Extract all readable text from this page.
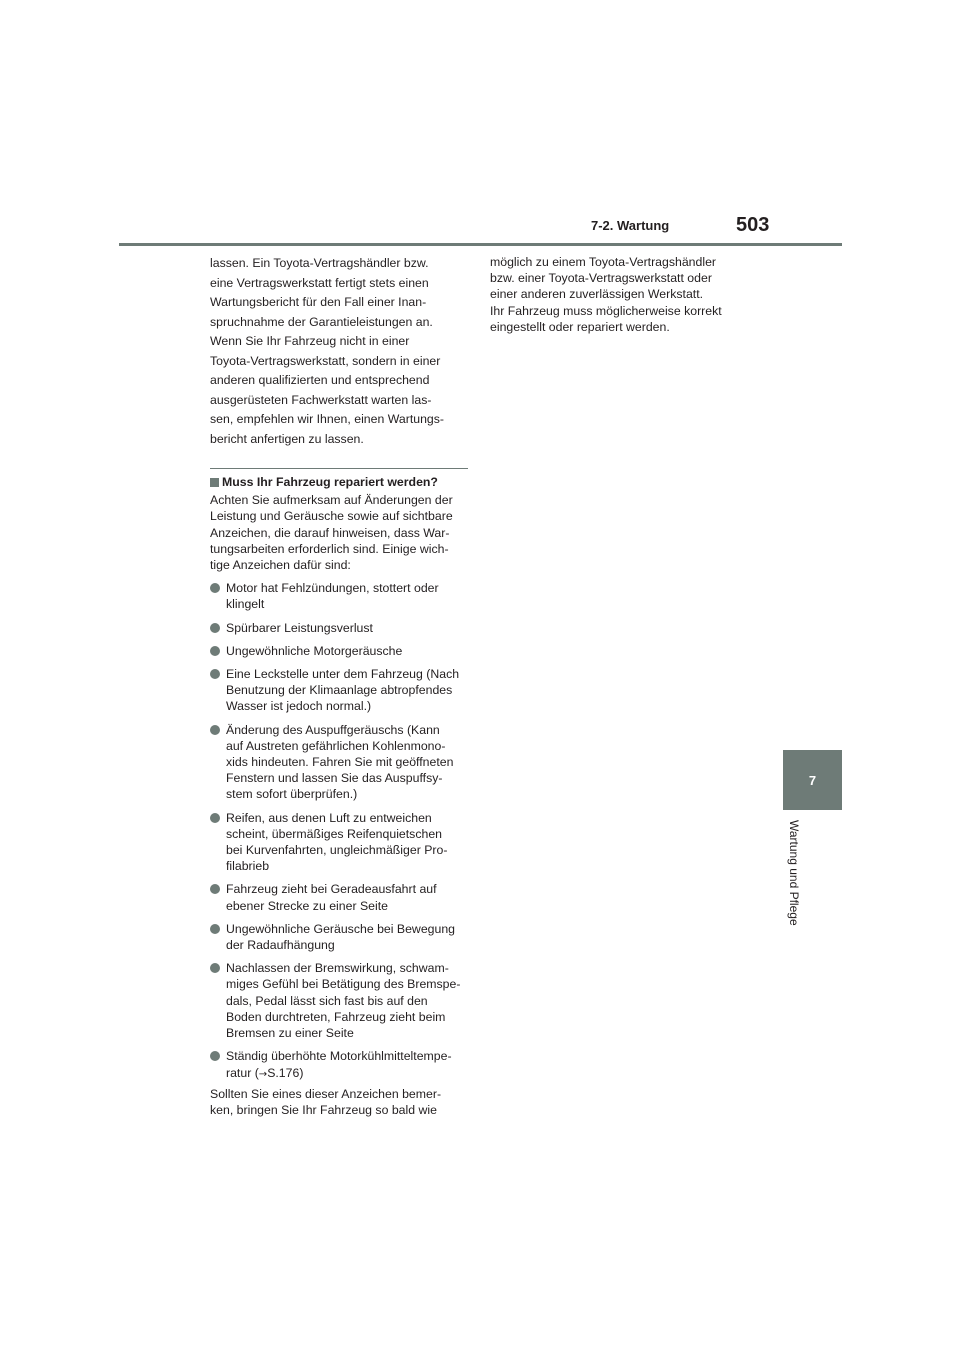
7-2. Wartung	503
7
Wartung und Pflege

lassen. Ein Toyota-Vertragshändler bzw.

eine Vertragswerkstatt fertigt stets einen

Wartungsbericht für den Fall einer Inan-

spruchnahme der Garantieleistungen an.

Wenn Sie Ihr Fahrzeug nicht in einer

Toyota-Vertragswerkstatt, sondern in einer

anderen qualifizierten und entsprechend

ausgerüsteten Fachwerkstatt warten las-

sen, empfehlen wir Ihnen, einen Wartungs-

bericht anfertigen zu lassen.

Muss Ihr Fahrzeug repariert werden?
Achten Sie aufmerksam auf Änderungen der
Leistung und Geräusche sowie auf sichtbare
Anzeichen, die darauf hinweisen, dass War-
tungsarbeiten erforderlich sind. Einige wich-
tige Anzeichen dafür sind:
Motor hat Fehlzündungen, stottert oder
klingelt
Spürbarer Leistungsverlust
Ungewöhnliche Motorgeräusche
Eine Leckstelle unter dem Fahrzeug (Nach
Benutzung der Klimaanlage abtropfendes
Wasser ist jedoch normal.)
Änderung des Auspuffgeräuschs (Kann
auf Austreten gefährlichen Kohlenmono-
xids hindeuten. Fahren Sie mit geöffneten
Fenstern und lassen Sie das Auspuffsy-
stem sofort überprüfen.)
Reifen, aus denen Luft zu entweichen
scheint, übermäßiges Reifenquietschen
bei Kurvenfahrten, ungleichmäßiger Pro-
filabrieb
Fahrzeug zieht bei Geradeausfahrt auf
ebener Strecke zu einer Seite
Ungewöhnliche Geräusche bei Bewegung
der Radaufhängung
Nachlassen der Bremswirkung, schwam-
miges Gefühl bei Betätigung des Bremspe-
dals, Pedal lässt sich fast bis auf den
Boden durchtreten, Fahrzeug zieht beim
Bremsen zu einer Seite
Ständig überhöhte Motorkühlmitteltempe-
ratur (→S.176)
Sollten Sie eines dieser Anzeichen bemer-
ken, bringen Sie Ihr Fahrzeug so bald wie
möglich zu einem Toyota-Vertragshändler
bzw. einer Toyota-Vertragswerkstatt oder
einer anderen zuverlässigen Werkstatt.
Ihr Fahrzeug muss möglicherweise korrekt
eingestellt oder repariert werden.
